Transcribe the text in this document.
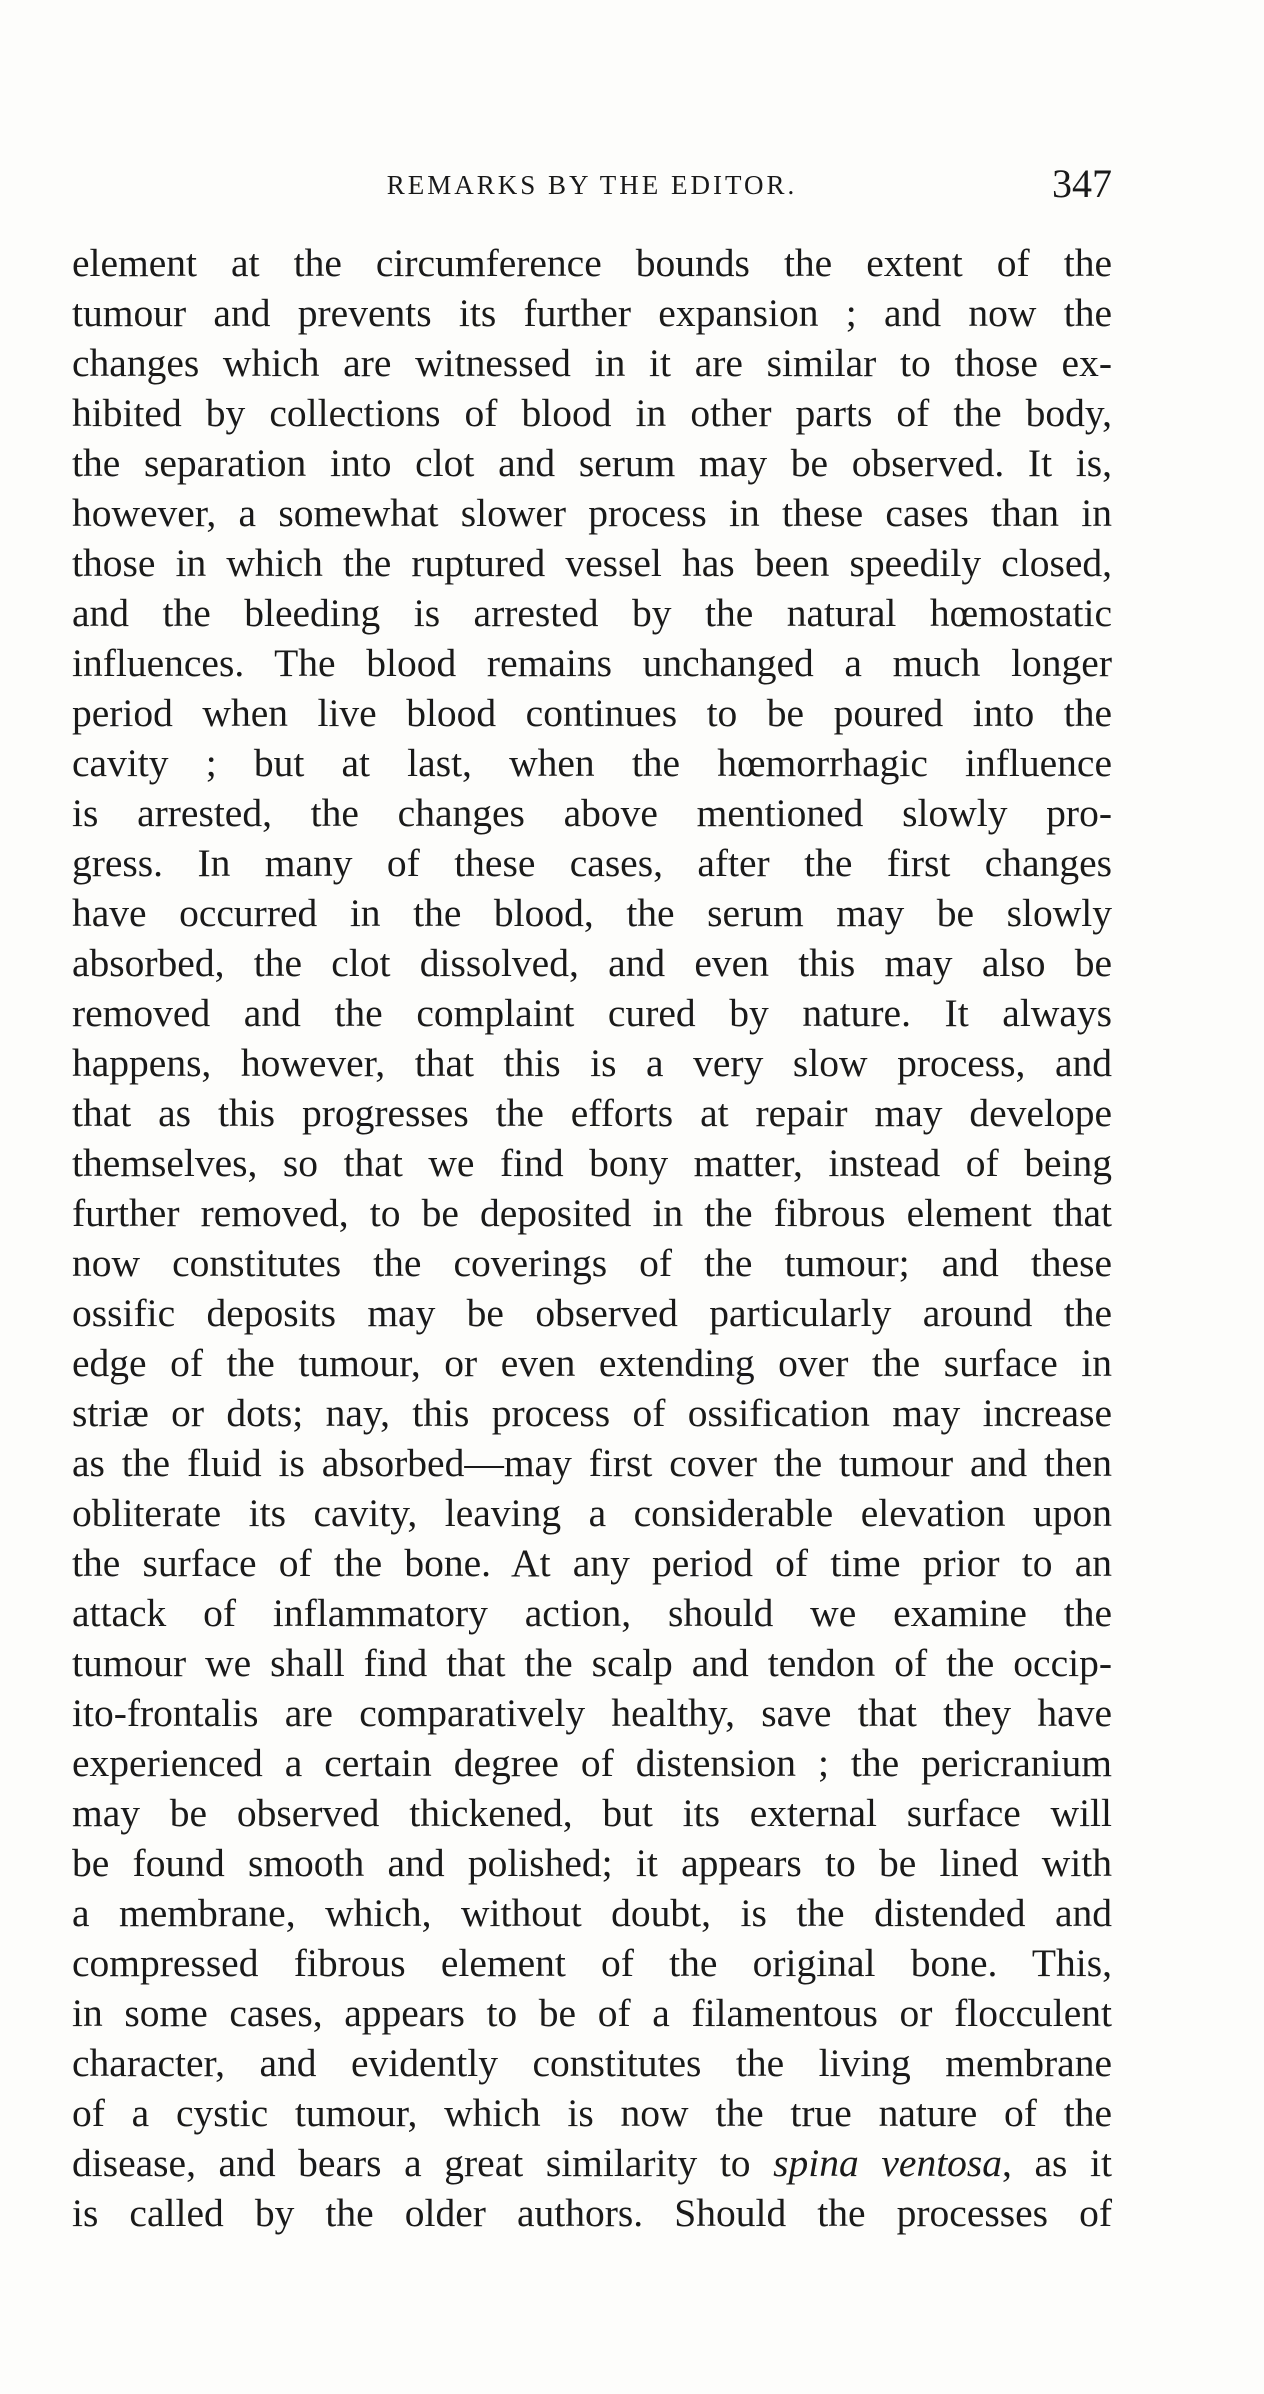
REMARKS BY THE EDITOR.	347
element at the circumference bounds the extent of the
tumour and prevents its further expansion ; and now the
changes which are witnessed in it are similar to those ex-
hibited by collections of blood in other parts of the body,
the separation into clot and serum may be observed. It is,
however, a somewhat slower process in these cases than in
those in which the ruptured vessel has been speedily closed,
and the bleeding is arrested by the natural hœmostatic
influences. The blood remains unchanged a much longer
period when live blood continues to be poured into the
cavity ; but at last, when the hœmorrhagic influence
is arrested, the changes above mentioned slowly pro-
gress. In many of these cases, after the first changes
have occurred in the blood, the serum may be slowly
absorbed, the clot dissolved, and even this may also be
removed and the complaint cured by nature. It always
happens, however, that this is a very slow process, and
that as this progresses the efforts at repair may develope
themselves, so that we find bony matter, instead of being
further removed, to be deposited in the fibrous element that
now constitutes the coverings of the tumour; and these
ossific deposits may be observed particularly around the
edge of the tumour, or even extending over the surface in
striæ or dots; nay, this process of ossification may increase
as the fluid is absorbed—may first cover the tumour and then
obliterate its cavity, leaving a considerable elevation upon
the surface of the bone. At any period of time prior to an
attack of inflammatory action, should we examine the
tumour we shall find that the scalp and tendon of the occip-
ito-frontalis are comparatively healthy, save that they have
experienced a certain degree of distension ; the pericranium
may be observed thickened, but its external surface will
be found smooth and polished; it appears to be lined with
a membrane, which, without doubt, is the distended and
compressed fibrous element of the original bone. This,
in some cases, appears to be of a filamentous or flocculent
character, and evidently constitutes the living membrane
of a cystic tumour, which is now the true nature of the
disease, and bears a great similarity to spina ventosa, as it
is called by the older authors. Should the processes of
